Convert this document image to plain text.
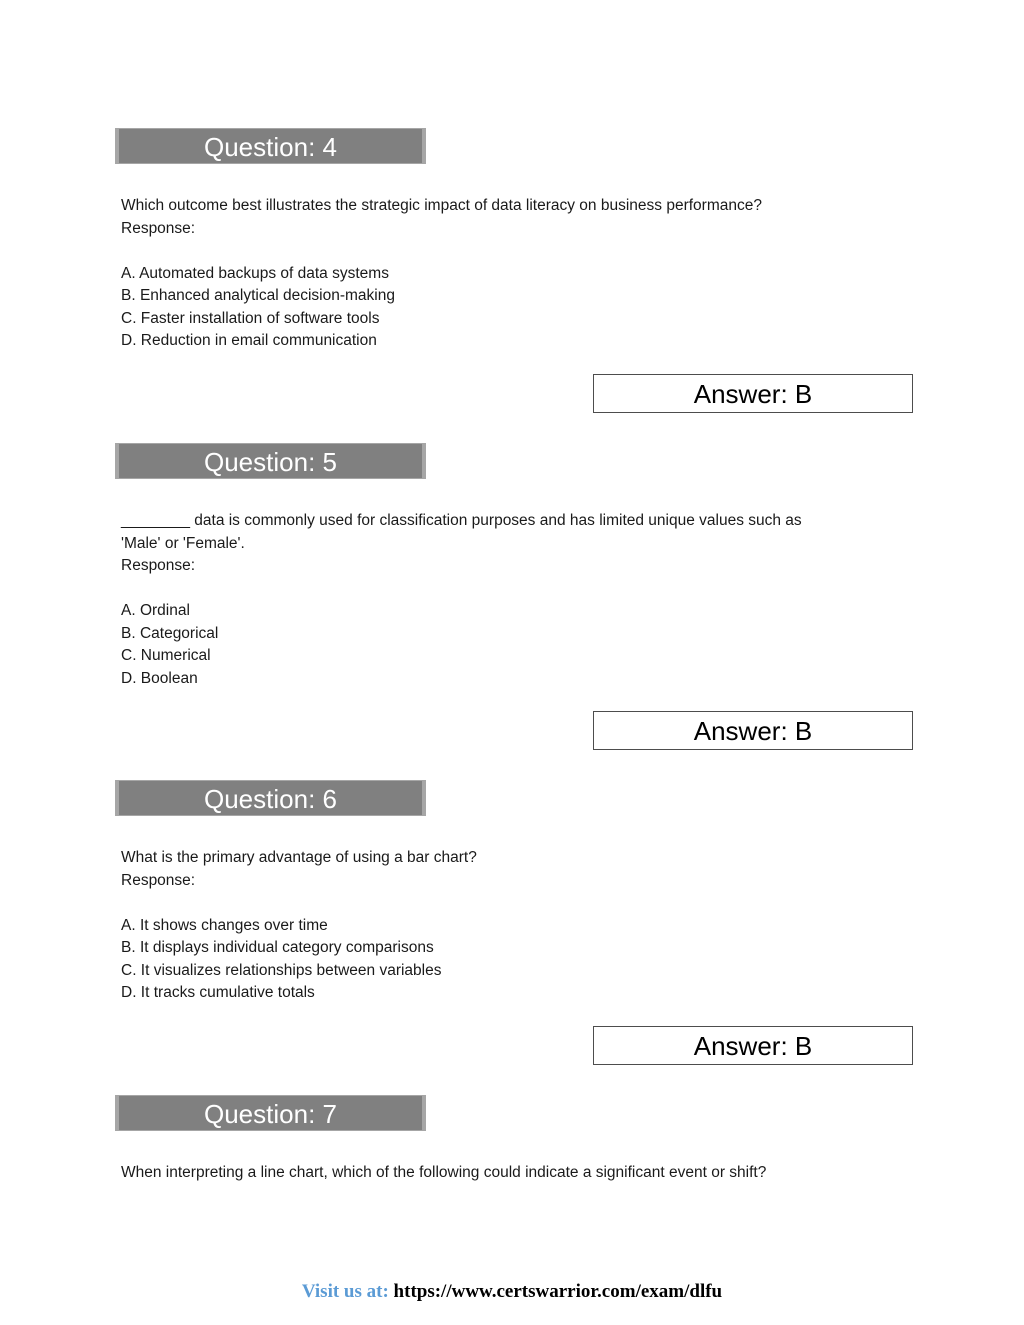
Question: 4

Which outcome best illustrates the strategic impact of data literacy on business performance?

Response:

A. Automated backups of data systems

B. Enhanced analytical decision-making

C. Faster installation of software tools

D. Reduction in email communication

Answer: B
Question: 5

________ data is commonly used for classification purposes and has limited unique values such as

'Male' or 'Female'.

Response:

A. Ordinal

B. Categorical

C. Numerical

D. Boolean

Answer: B
Question: 6

What is the primary advantage of using a bar chart?

Response:

A. It shows changes over time

B. It displays individual category comparisons

C. It visualizes relationships between variables

D. It tracks cumulative totals

Answer: B
Question: 7

When interpreting a line chart, which of the following could indicate a significant event or shift?

Visit us at: https://www.certswarrior.com/exam/dlfu
